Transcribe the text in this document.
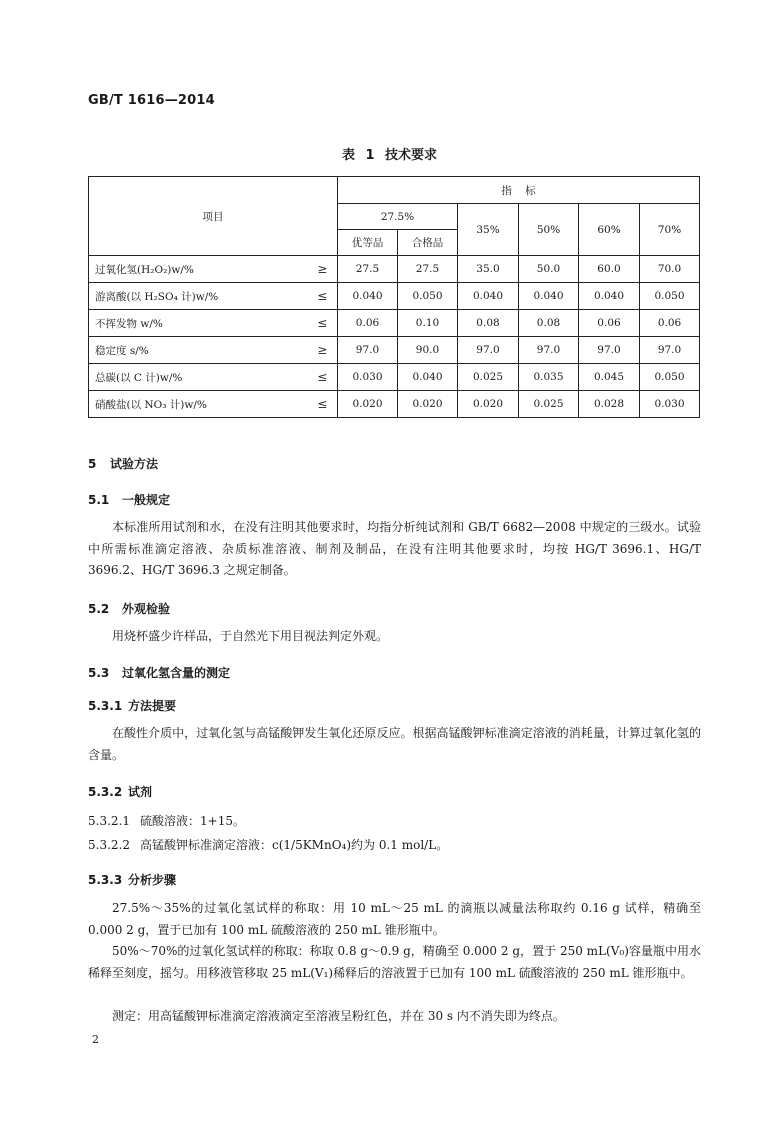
GB/T 1616—2014
表 1 技术要求
项目		指    标					
		27.5%		35%	50%	60%	70%
		优等品	合格品				
过氧化氢(H₂O₂)w/%	≥	27.5	27.5	35.0	50.0	60.0	70.0
游离酸(以 H₂SO₄ 计)w/%	≤	0.040	0.050	0.040	0.040	0.040	0.050
不挥发物 w/%	≤	0.06	0.10	0.08	0.08	0.06	0.06
稳定度 s/%	≥	97.0	90.0	97.0	97.0	97.0	97.0
总碳(以 C 计)w/%	≤	0.030	0.040	0.025	0.035	0.045	0.050
硝酸盐(以 NO₃ 计)w/%	≤	0.020	0.020	0.020	0.025	0.028	0.030
5 试验方法
5.1 一般规定

本标准所用试剂和水，在没有注明其他要求时，均指分析纯试剂和 GB/T 6682—2008 中规定的三级水。试验中所需标准滴定溶液、杂质标准溶液、制剂及制品，在没有注明其他要求时，均按 HG/T 3696.1、HG/T 3696.2、HG/T 3696.3 之规定制备。

5.2 外观检验

用烧杯盛少许样品，于自然光下用目视法判定外观。

5.3 过氧化氢含量的测定
5.3.1 方法提要

在酸性介质中，过氧化氢与高锰酸钾发生氧化还原反应。根据高锰酸钾标准滴定溶液的消耗量，计算过氧化氢的含量。

5.3.2 试剂
5.3.2.1 硫酸溶液：1+15。
5.3.2.2 高锰酸钾标准滴定溶液：c(1/5KMnO₄)约为 0.1 mol/L。
5.3.3 分析步骤

27.5%～35%的过氧化氢试样的称取：用 10 mL～25 mL 的滴瓶以减量法称取约 0.16 g 试样，精确至 0.000 2 g，置于已加有 100 mL 硫酸溶液的 250 mL 锥形瓶中。

50%～70%的过氧化氢试样的称取：称取 0.8 g～0.9 g，精确至 0.000 2 g，置于 250 mL(V₀)容量瓶中用水稀释至刻度，摇匀。用移液管移取 25 mL(V₁)稀释后的溶液置于已加有 100 mL 硫酸溶液的 250 mL 锥形瓶中。

测定：用高锰酸钾标准滴定溶液滴定至溶液呈粉红色，并在 30 s 内不消失即为终点。

2
